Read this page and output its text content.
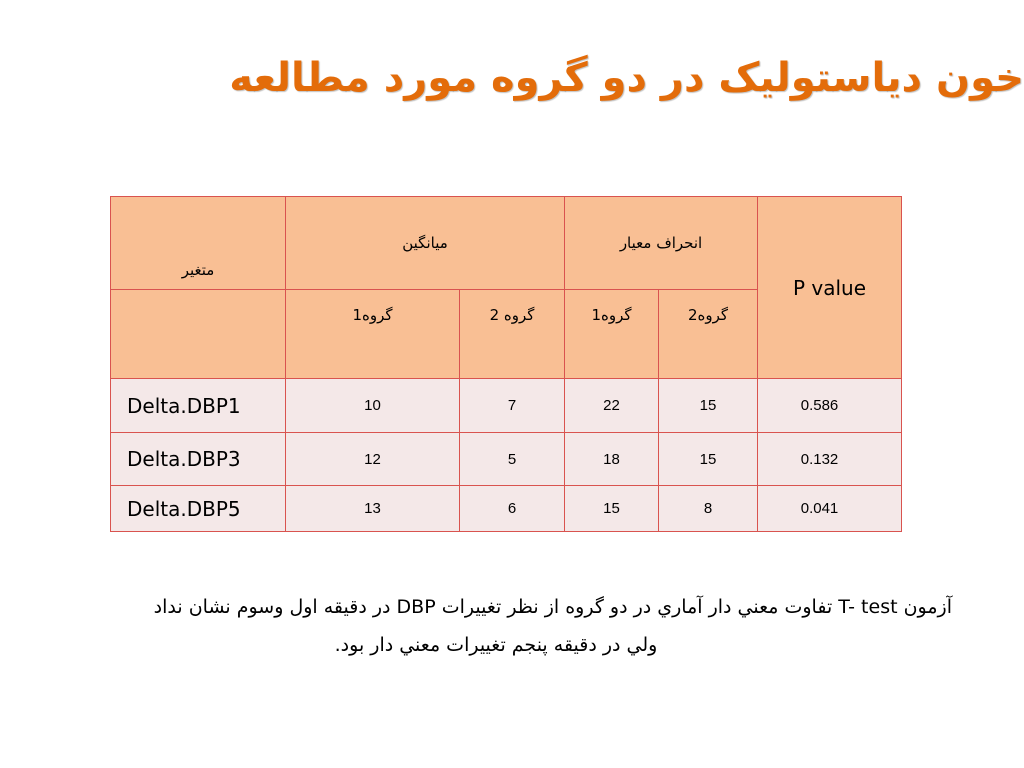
خون دياستوليک در دو گروه مورد مطالعه
متغير	ميانگين		انحراف معيار		P value
	گروه1	گروه 2	گروه1	گروه2	
Delta.DBP1	10	7	22	15	0.586
Delta.DBP3	12	5	18	15	0.132
Delta.DBP5	13	6	15	8	0.041
آزمون T- test تفاوت معني دار آماري در دو گروه از نظر تغييرات DBP در دقيقه اول وسوم نشان نداد
ولي در دقيقه پنجم تغييرات معني دار بود.
